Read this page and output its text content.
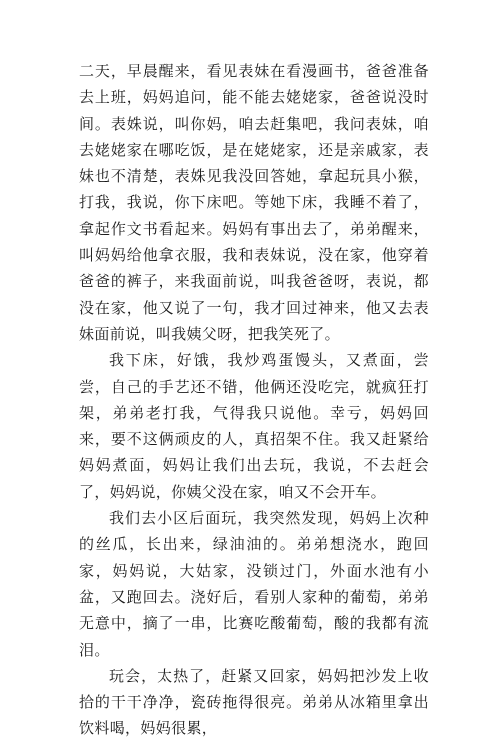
二天，早晨醒来，看见表妹在看漫画书，爸爸准备去上班，妈妈追问，能不能去姥姥家，爸爸说没时间。表姝说，叫你妈，咱去赶集吧，我问表妹，咱去姥姥家在哪吃饭，是在姥姥家，还是亲戚家，表妹也不清楚，表姝见我没回答她，拿起玩具小猴，打我，我说，你下床吧。等她下床，我睡不着了，拿起作文书看起来。妈妈有事出去了，弟弟醒来，叫妈妈给他拿衣服，我和表妹说，没在家，他穿着爸爸的裤子，来我面前说，叫我爸爸呀，表说，都没在家，他又说了一句，我才回过神来，他又去表妹面前说，叫我姨父呀，把我笑死了。

我下床，好饿，我炒鸡蛋馒头，又煮面，尝尝，自己的手艺还不错，他俩还没吃完，就疯狂打架，弟弟老打我，气得我只说他。幸亏，妈妈回来，要不这俩顽皮的人，真招架不住。我又赶紧给妈妈煮面，妈妈让我们出去玩，我说，不去赶会了，妈妈说，你姨父没在家，咱又不会开车。

我们去小区后面玩，我突然发现，妈妈上次种的丝瓜，长出来，绿油油的。弟弟想浇水，跑回家，妈妈说，大姑家，没锁过门，外面水池有小盆，又跑回去。浇好后，看别人家种的葡萄，弟弟无意中，摘了一串，比赛吃酸葡萄，酸的我都有流泪。

玩会，太热了，赶紧又回家，妈妈把沙发上收拾的干干净净，瓷砖拖得很亮。弟弟从冰箱里拿出饮料喝，妈妈很累，
